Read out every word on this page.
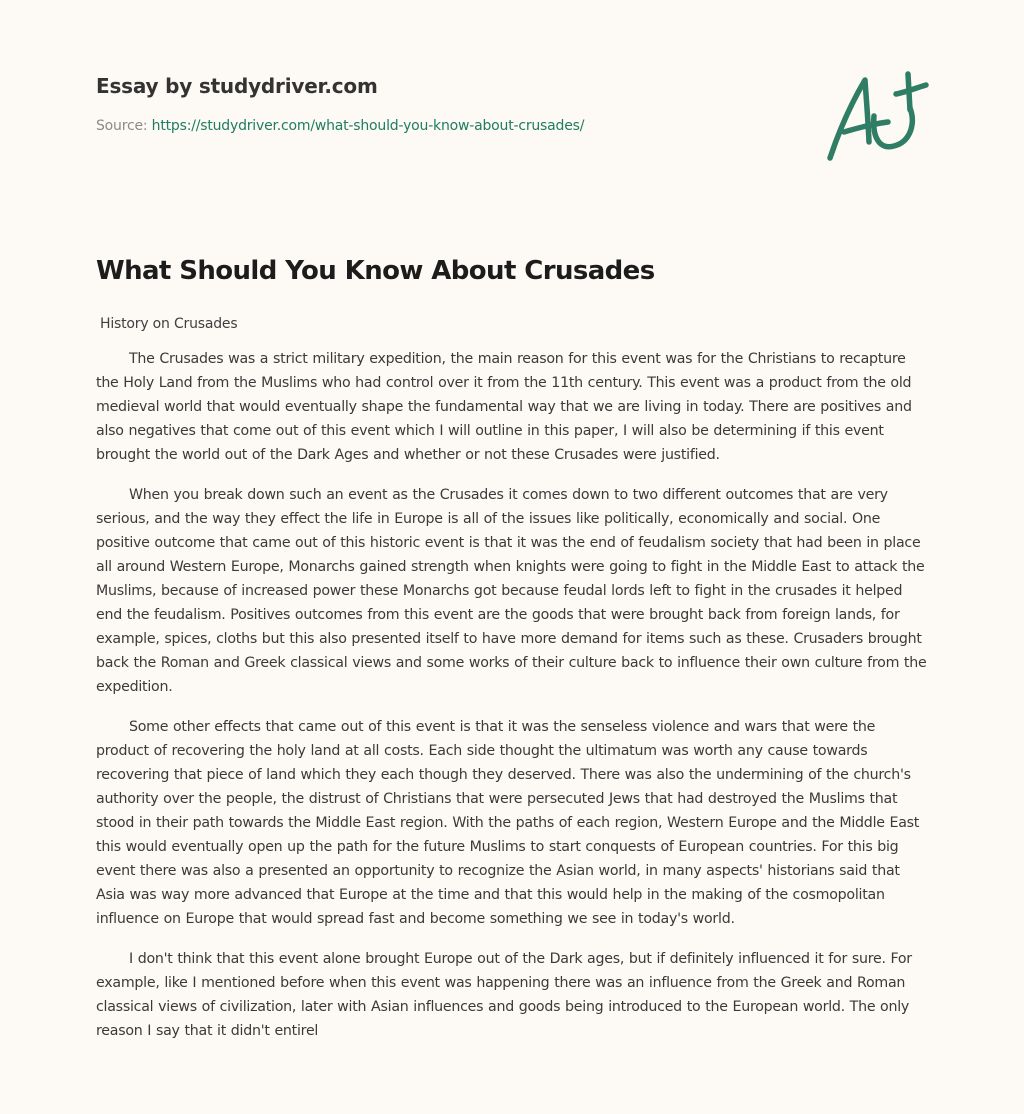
Essay by studydriver.com
Source: https://studydriver.com/what-should-you-know-about-crusades/
What Should You Know About Crusades

History on Crusades

The Crusades was a strict military expedition, the main reason for this event was for the Christians to recapture the Holy Land from the Muslims who had control over it from the 11th century. This event was a product from the old medieval world that would eventually shape the fundamental way that we are living in today. There are positives and also negatives that come out of this event which I will outline in this paper, I will also be determining if this event brought the world out of the Dark Ages and whether or not these Crusades were justified.

When you break down such an event as the Crusades it comes down to two different outcomes that are very serious, and the way they effect the life in Europe is all of the issues like politically, economically and social. One positive outcome that came out of this historic event is that it was the end of feudalism society that had been in place all around Western Europe, Monarchs gained strength when knights were going to fight in the Middle East to attack the Muslims, because of increased power these Monarchs got because feudal lords left to fight in the crusades it helped end the feudalism. Positives outcomes from this event are the goods that were brought back from foreign lands, for example, spices, cloths but this also presented itself to have more demand for items such as these. Crusaders brought back the Roman and Greek classical views and some works of their culture back to influence their own culture from the expedition.

Some other effects that came out of this event is that it was the senseless violence and wars that were the product of recovering the holy land at all costs. Each side thought the ultimatum was worth any cause towards recovering that piece of land which they each though they deserved. There was also the undermining of the church's authority over the people, the distrust of Christians that were persecuted Jews that had destroyed the Muslims that stood in their path towards the Middle East region. With the paths of each region, Western Europe and the Middle East this would eventually open up the path for the future Muslims to start conquests of European countries. For this big event there was also a presented an opportunity to recognize the Asian world, in many aspects' historians said that Asia was way more advanced that Europe at the time and that this would help in the making of the cosmopolitan influence on Europe that would spread fast and become something we see in today's world.

I don't think that this event alone brought Europe out of the Dark ages, but if definitely influenced it for sure. For example, like I mentioned before when this event was happening there was an influence from the Greek and Roman classical views of civilization, later with Asian influences and goods being introduced to the European world. The only reason I say that it didn't entirel
